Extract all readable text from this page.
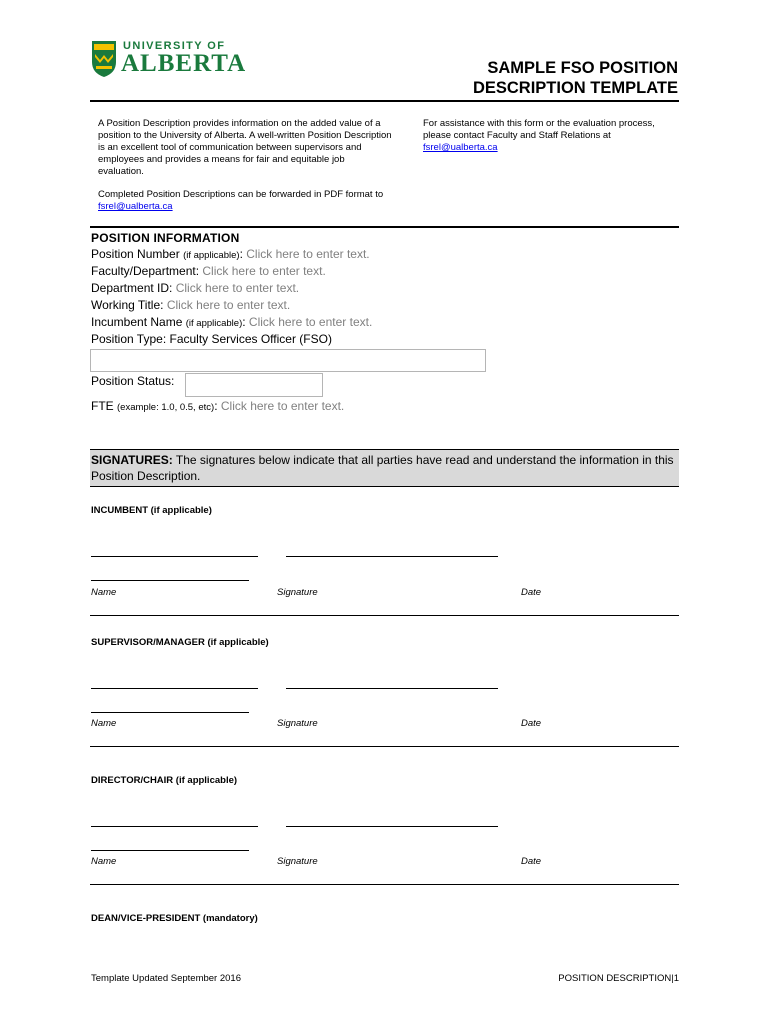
UNIVERSITY OF
ALBERTA	SAMPLE FSO POSITION
DESCRIPTION TEMPLATE

A Position Description provides information on the added value of a position to the University of Alberta. A well-written Position Description is an excellent tool of communication between supervisors and employees and provides a means for fair and equitable job evaluation.

For assistance with this form or the evaluation process, please contact Faculty and Staff Relations at
fsrel@ualberta.ca

Completed Position Descriptions can be forwarded in PDF format to fsrel@ualberta.ca

POSITION INFORMATION
Position Number (if applicable): Click here to enter text.
Faculty/Department: Click here to enter text.
Department ID: Click here to enter text.
Working Title: Click here to enter text.
Incumbent Name (if applicable): Click here to enter text.
Position Type: Faculty Services Officer (FSO)
Position Status:
FTE (example: 1.0, 0.5, etc): Click here to enter text.
SIGNATURES: The signatures below indicate that all parties have read and understand the information in this Position Description.
INCUMBENT (if applicable)
Name	Signature	Date
SUPERVISOR/MANAGER (if applicable)
Name	Signature	Date
DIRECTOR/CHAIR (if applicable)
Name	Signature	Date
DEAN/VICE-PRESIDENT (mandatory)
Template Updated September 2016	POSITION DESCRIPTION|1
